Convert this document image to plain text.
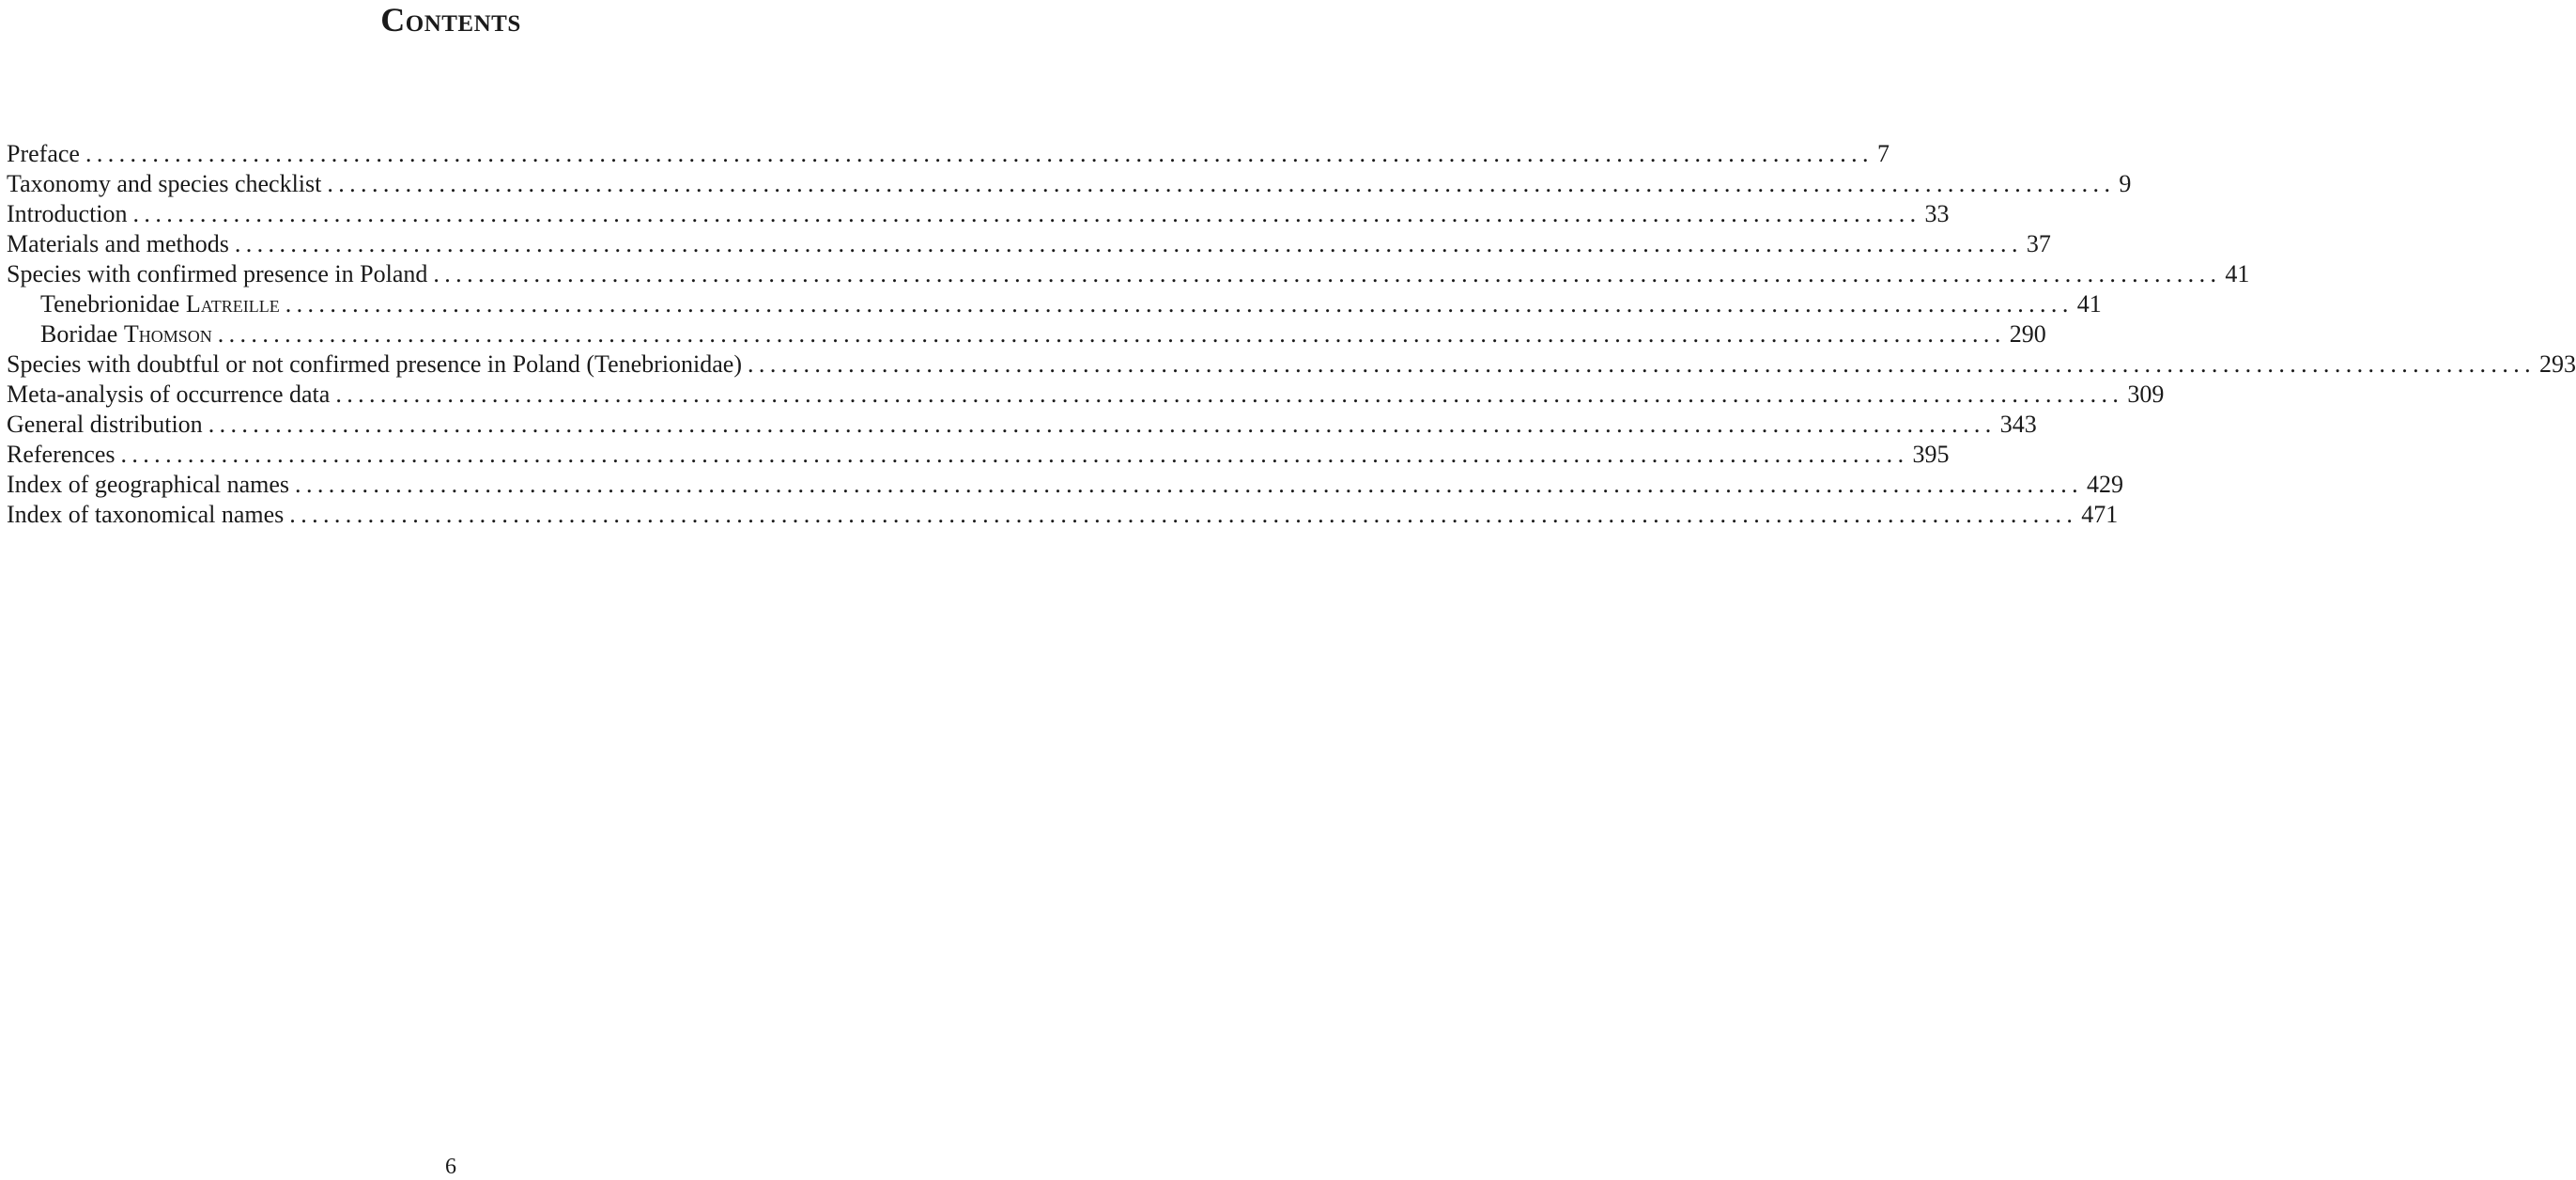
Contents
Preface ................................................................................................................................................................ 7
Taxonomy and species checklist ................................................................................................................................................................ 9
Introduction ................................................................................................................................................................ 33
Materials and methods ................................................................................................................................................................ 37
Species with confirmed presence in Poland ................................................................................................................................................................ 41
Tenebrionidae Latreille ................................................................................................................................................................ 41
Boridae Thomson ................................................................................................................................................................ 290
Species with doubtful or not confirmed presence in Poland (Tenebrionidae) ................................................................................................................................................................ 293
Meta-analysis of occurrence data ................................................................................................................................................................ 309
General distribution ................................................................................................................................................................ 343
References ................................................................................................................................................................ 395
Index of geographical names ................................................................................................................................................................ 429
Index of taxonomical names ................................................................................................................................................................ 471
6
